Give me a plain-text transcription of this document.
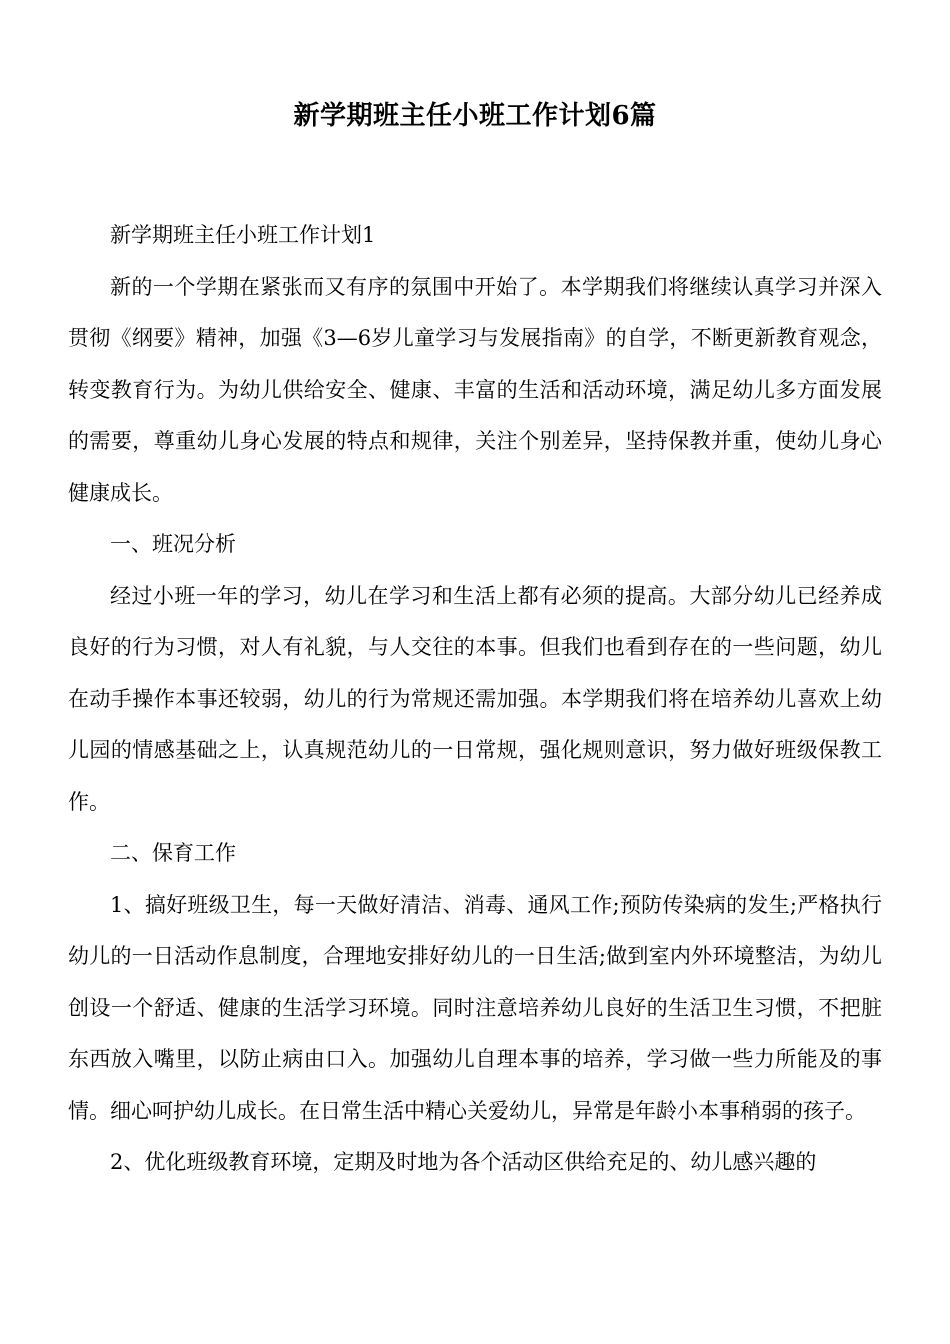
新学期班主任小班工作计划6篇

新学期班主任小班工作计划1

新的一个学期在紧张而又有序的氛围中开始了。本学期我们将继续认真学习并深入贯彻《纲要》精神，加强《3—6岁儿童学习与发展指南》的自学，不断更新教育观念，转变教育行为。为幼儿供给安全、健康、丰富的生活和活动环境，满足幼儿多方面发展的需要，尊重幼儿身心发展的特点和规律，关注个别差异，坚持保教并重，使幼儿身心健康成长。

一、班况分析

经过小班一年的学习，幼儿在学习和生活上都有必须的提高。大部分幼儿已经养成良好的行为习惯，对人有礼貌，与人交往的本事。但我们也看到存在的一些问题，幼儿在动手操作本事还较弱，幼儿的行为常规还需加强。本学期我们将在培养幼儿喜欢上幼儿园的情感基础之上，认真规范幼儿的一日常规，强化规则意识，努力做好班级保教工作。

二、保育工作

1、搞好班级卫生，每一天做好清洁、消毒、通风工作;预防传染病的发生;严格执行幼儿的一日活动作息制度，合理地安排好幼儿的一日生活;做到室内外环境整洁，为幼儿创设一个舒适、健康的生活学习环境。同时注意培养幼儿良好的生活卫生习惯，不把脏东西放入嘴里，以防止病由口入。加强幼儿自理本事的培养，学习做一些力所能及的事情。细心呵护幼儿成长。在日常生活中精心关爱幼儿，异常是年龄小本事稍弱的孩子。

2、优化班级教育环境，定期及时地为各个活动区供给充足的、幼儿感兴趣的
